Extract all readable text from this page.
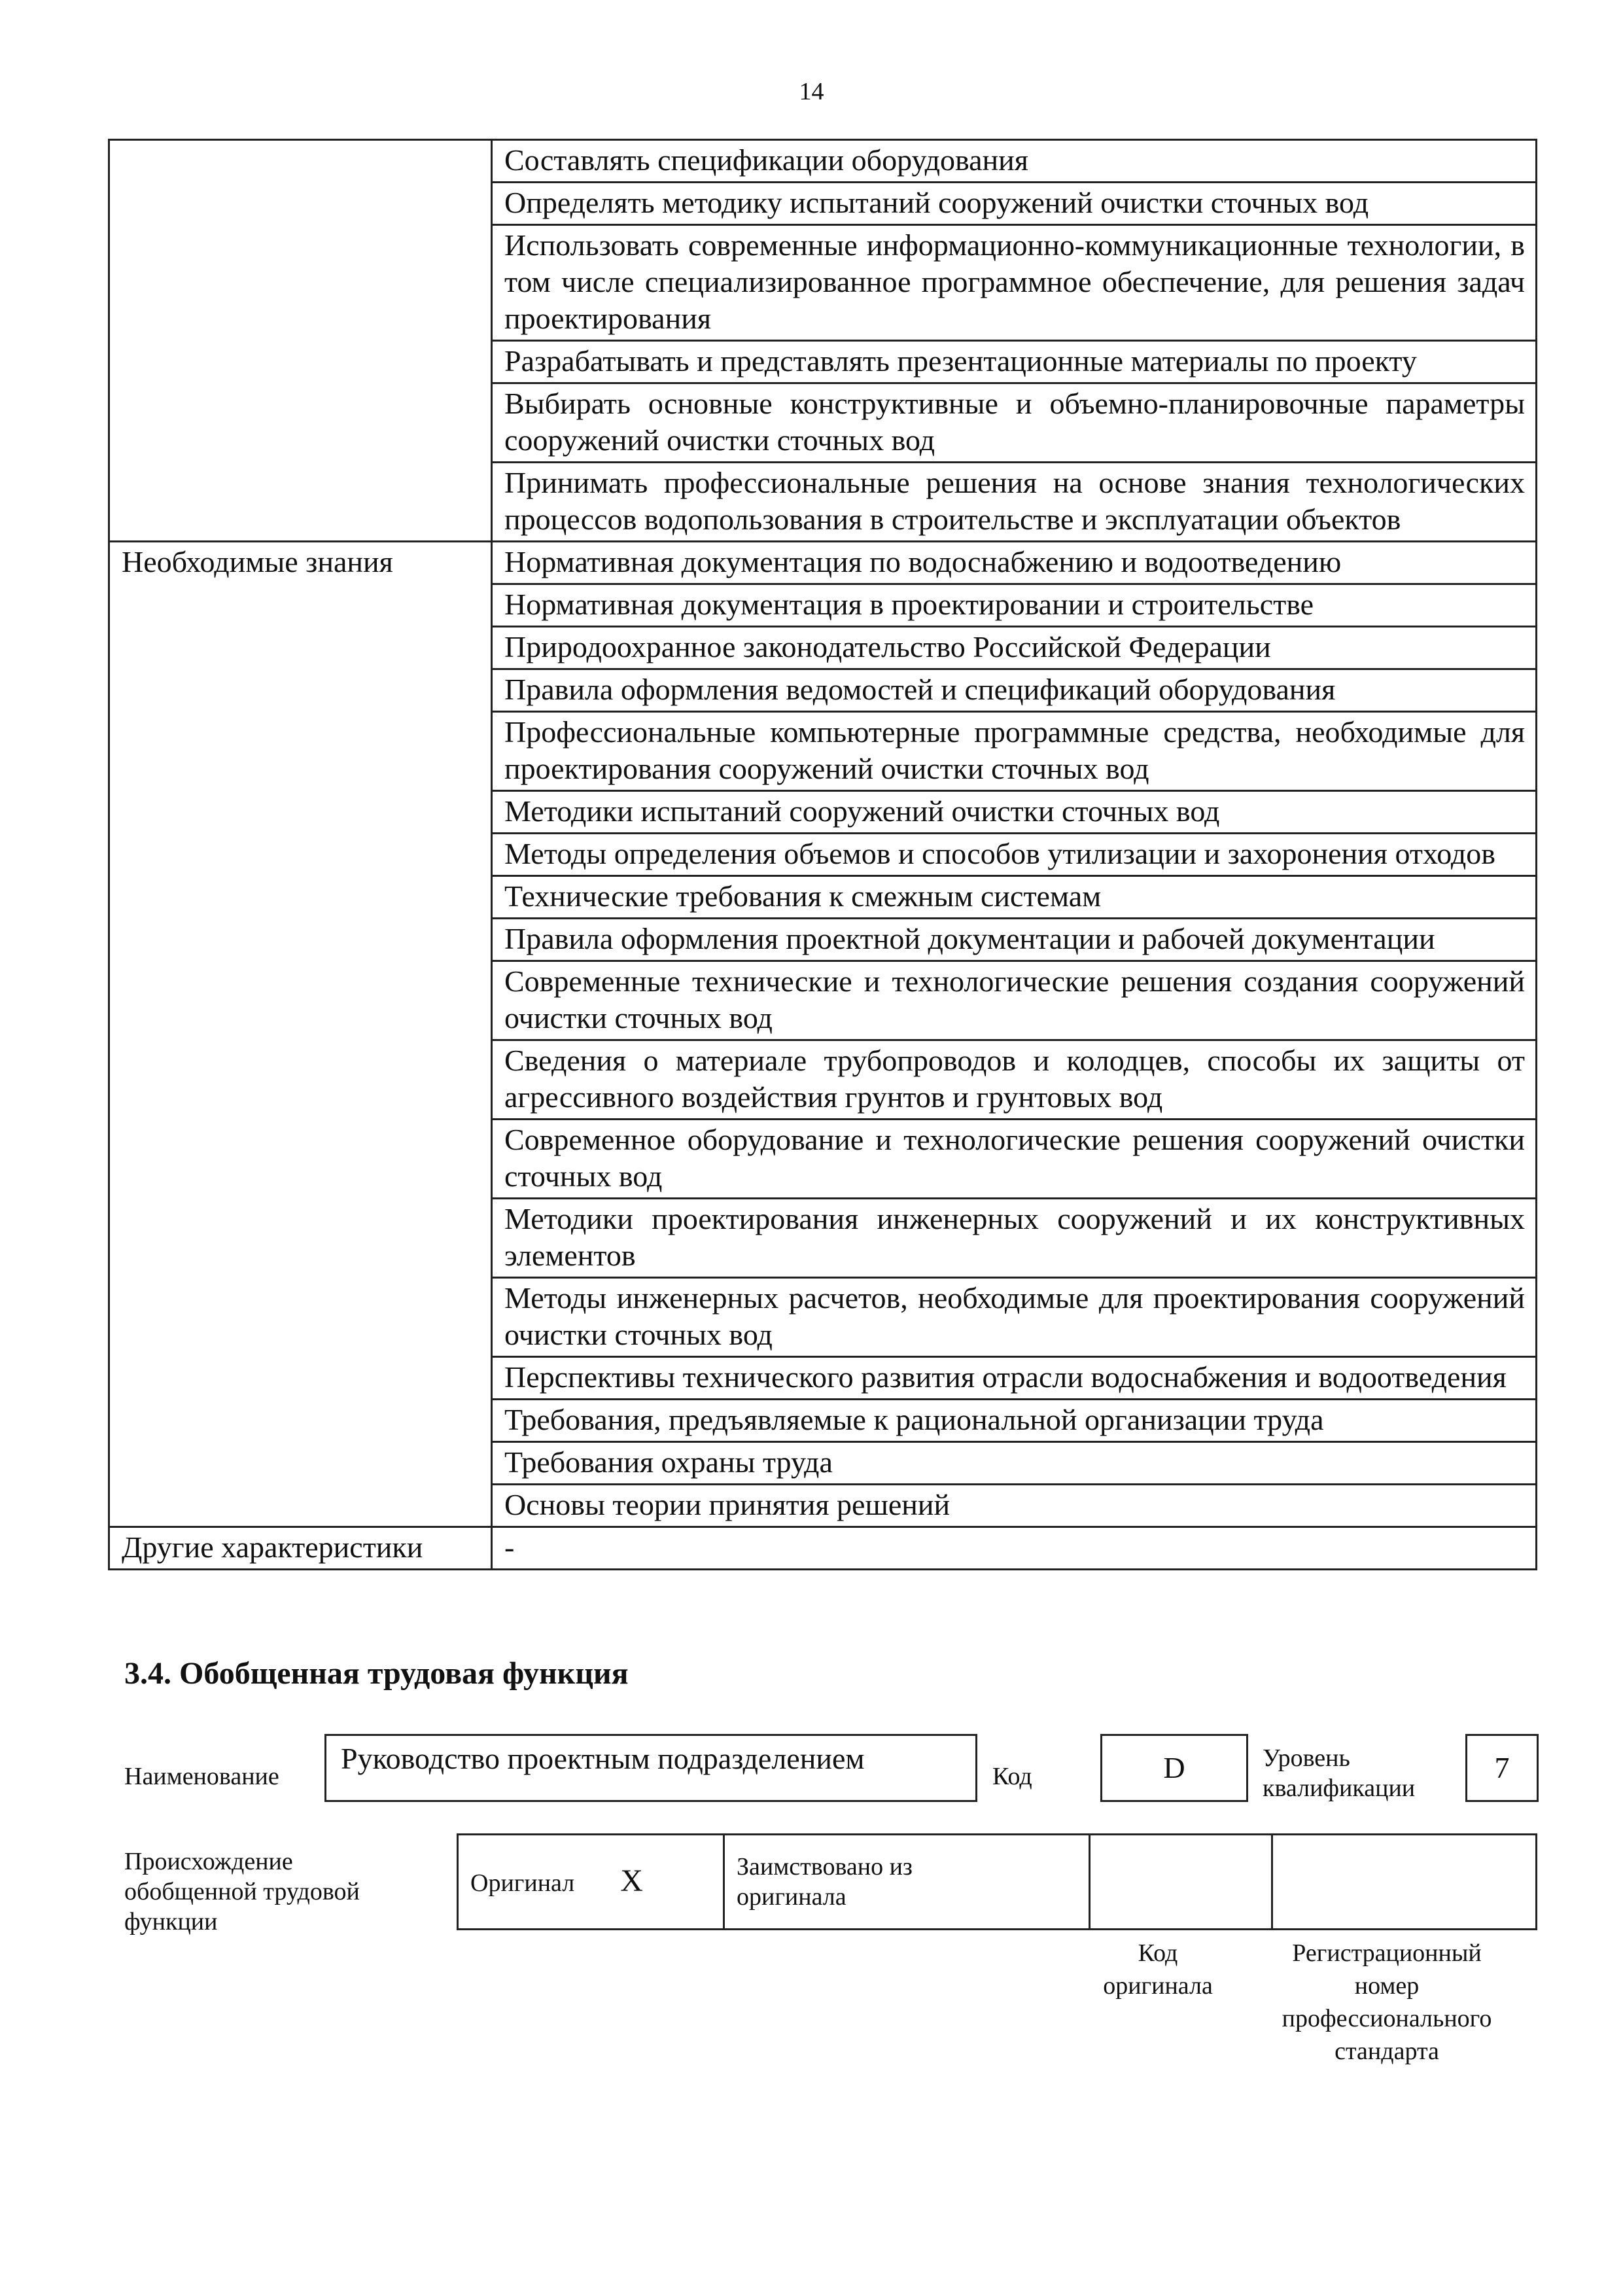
14
	Составлять спецификации оборудования
	Определять методику испытаний сооружений очистки сточных вод
	Использовать современные информационно-коммуникационные технологии, в том числе специализированное программное обеспечение, для решения задач проектирования
	Разрабатывать и представлять презентационные материалы по проекту
	Выбирать основные конструктивные и объемно-планировочные параметры сооружений очистки сточных вод
	Принимать профессиональные решения на основе знания технологических процессов водопользования в строительстве и эксплуатации объектов
Необходимые знания	Нормативная документация по водоснабжению и водоотведению
	Нормативная документация в проектировании и строительстве
	Природоохранное законодательство Российской Федерации
	Правила оформления ведомостей и спецификаций оборудования
	Профессиональные компьютерные программные средства, необходимые для проектирования сооружений очистки сточных вод
	Методики испытаний сооружений очистки сточных вод
	Методы определения объемов и способов утилизации и захоронения отходов
	Технические требования к смежным системам
	Правила оформления проектной документации и рабочей документации
	Современные технические и технологические решения создания сооружений очистки сточных вод
	Сведения о материале трубопроводов и колодцев, способы их защиты от агрессивного воздействия грунтов и грунтовых вод
	Современное оборудование и технологические решения сооружений очистки сточных вод
	Методики проектирования инженерных сооружений и их конструктивных элементов
	Методы инженерных расчетов, необходимые для проектирования сооружений очистки сточных вод
	Перспективы технического развития отрасли водоснабжения и водоотведения
	Требования, предъявляемые к рациональной организации труда
	Требования охраны труда
	Основы теории принятия решений
Другие характеристики	-
3.4. Обобщенная трудовая функция
Наименование
Руководство проектным подразделением
Код	D	Уровень
квалификации
7
Происхождение
обобщенной трудовой
функции
Оригинал X	Заимствовано из
оригинала

Код
оригинала
Регистрационный
номер
профессионального
стандарта
